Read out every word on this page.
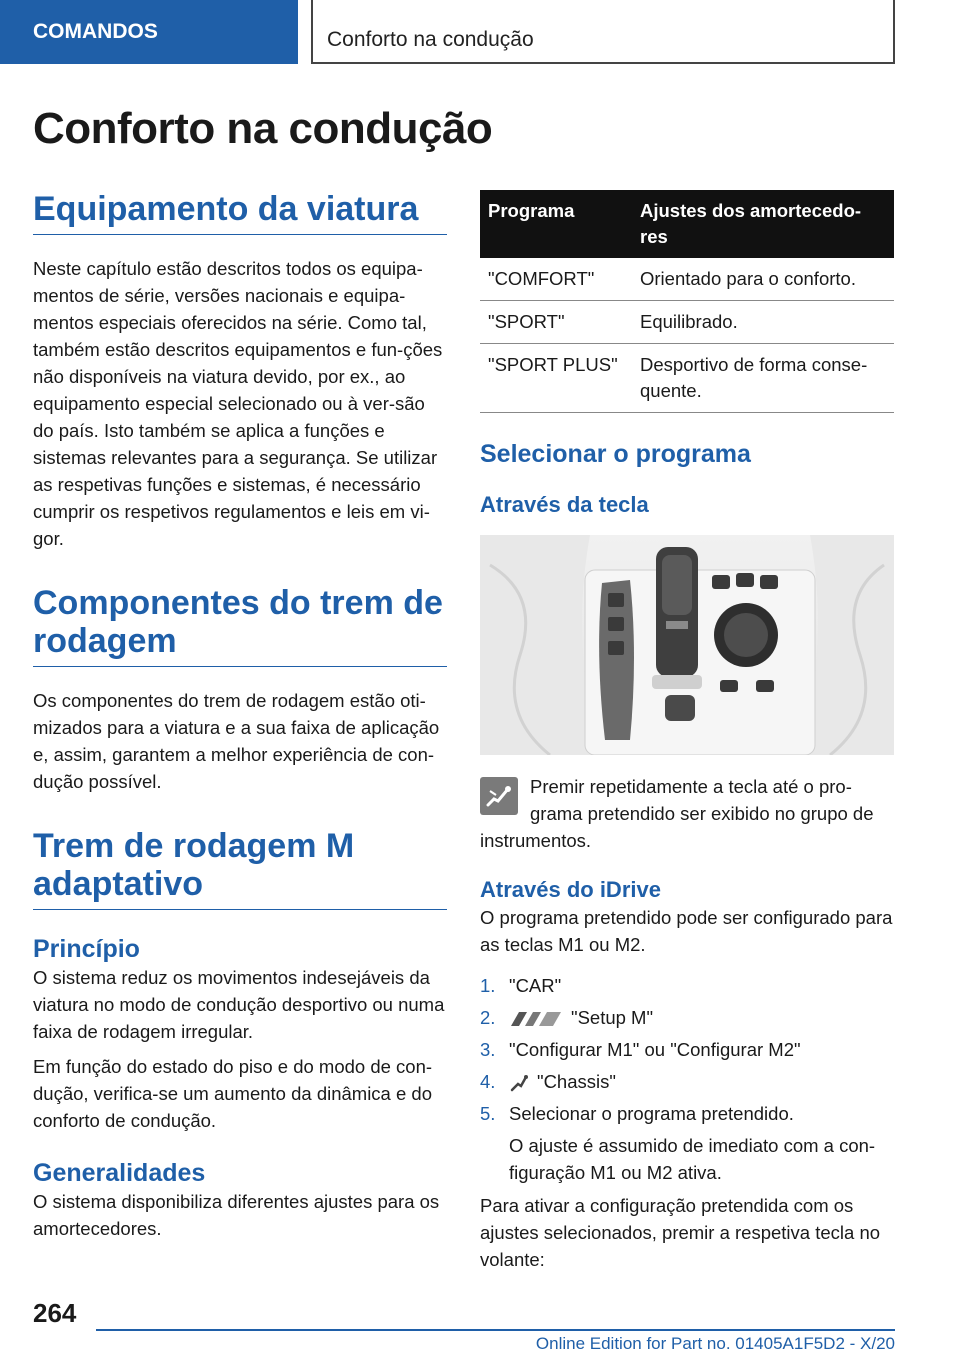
COMANDOS	Conforto na condução
Conforto na condução
Equipamento da viatura

Neste capítulo estão descritos todos os equipa-mentos de série, versões nacionais e equipa-mentos especiais oferecidos na série. Como tal, também estão descritos equipamentos e fun-ções não disponíveis na viatura devido, por ex., ao equipamento especial selecionado ou à ver-são do país. Isto também se aplica a funções e sistemas relevantes para a segurança. Se utilizar as respetivas funções e sistemas, é necessário cumprir os respetivos regulamentos e leis em vi-gor.

Componentes do trem de rodagem

Os componentes do trem de rodagem estão oti-mizados para a viatura e a sua faixa de aplicação e, assim, garantem a melhor experiência de con-dução possível.

Trem de rodagem M adaptativo
Princípio

O sistema reduz os movimentos indesejáveis da viatura no modo de condução desportivo ou numa faixa de rodagem irregular.

Em função do estado do piso e do modo de con-dução, verifica-se um aumento da dinâmica e do conforto de condução.

Generalidades

O sistema disponibiliza diferentes ajustes para os amortecedores.

Programa	Ajustes dos amortecedo-res
"COMFORT"	Orientado para o conforto.
"SPORT"	Equilibrado.
"SPORT PLUS"	Desportivo de forma conse-quente.
Selecionar o programa
Através da tecla

Premir repetidamente a tecla até o pro-grama pretendido ser exibido no grupo de instrumentos.

Através do iDrive

O programa pretendido pode ser configurado para as teclas M1 ou M2.

1. "CAR"
2.	"Setup M"
3. "Configurar M1" ou "Configurar M2"
4.	"Chassis"
5. Selecionar o programa pretendido.

O ajuste é assumido de imediato com a con-figuração M1 ou M2 ativa.

Para ativar a configuração pretendida com os ajustes selecionados, premir a respetiva tecla no volante:

264
Online Edition for Part no. 01405A1F5D2 - X/20
